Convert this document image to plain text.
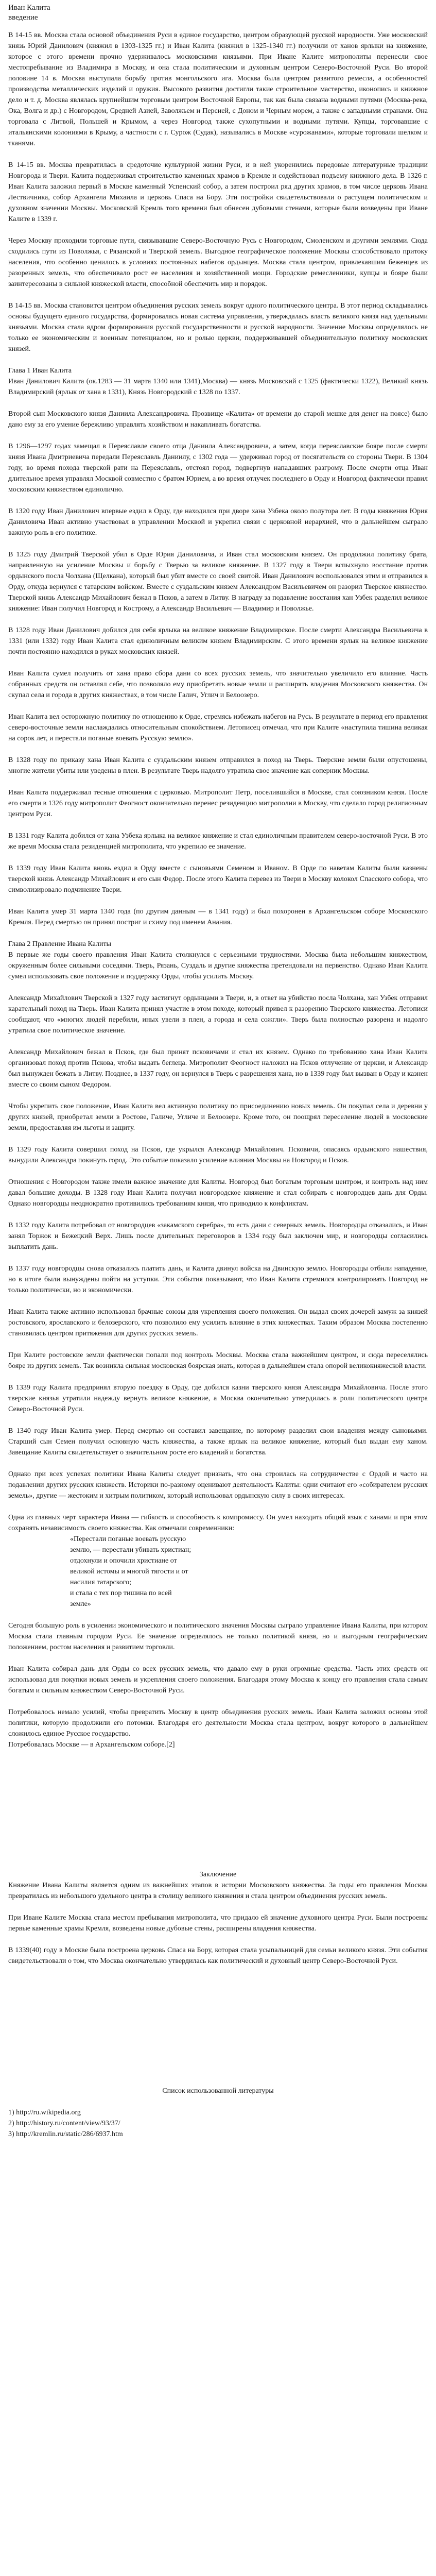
Иван Калита

введение

В 14-15 вв. Москва стала основой объединения Руси в единое государство, центром образующей русской народности. Уже московский князь Юрий Данилович (княжил в 1303-1325 гг.) и Иван Калита (княжил в 1325-1340 гг.) получили от ханов ярлыки на княжение, которое с этого времени прочно удерживалось московскими князьями. При Иване Калите митрополиты перенесли свое местопребывание из Владимира в Москву, и она стала политическим и духовным центром Северо-Восточной Руси. Во второй половине 14 в. Москва выступала борьбу против монгольского ига. Москва была центром развитого ремесла, а особенностей производства металлических изделий и оружия. Высокого развития достигли такие строительное мастерство, иконопись и книжное дело и т. д. Москва являлась крупнейшим торговым центром Восточной Европы, так как была связана водными путями (Москва-река, Ока, Волга и др.) с Новгородом, Средней Азией, Заволжьем и Персией, с Доном и Черным морем, а также с западными странами. Она торговала с Литвой, Польшей и Крымом, а через Новгород также сухопутными и водными путями. Купцы, торговавшие с итальянскими колониями в Крыму, а частности с г. Сурож (Судак), назывались в Москве «сурожанами», которые торговали шелком и тканями.

В 14-15 вв. Москва превратилась в средоточие культурной жизни Руси, и в ней укоренились передовые литературные традиции Новгорода и Твери. Калита поддерживал строительство каменных храмов в Кремле и содействовал подъему книжного дела. В 1326 г. Иван Калита заложил первый в Москве каменный Успенский собор, а затем построил ряд других храмов, в том числе церковь Ивана Лествичника, собор Архангела Михаила и церковь Спаса на Бору. Эти постройки свидетельствовали о растущем политическом и духовном значении Москвы. Московский Кремль того времени был обнесен дубовыми стенами, которые были возведены при Иване Калите в 1339 г.

Через Москву проходили торговые пути, связывавшие Северо-Восточную Русь с Новгородом, Смоленском и другими землями. Сюда сходились пути из Поволжья, с Рязанской и Тверской земель. Выгодное географическое положение Москвы способствовало притоку населения, что особенно ценилось в условиях постоянных набегов ордынцев. Москва стала центром, привлекавшим беженцев из разоренных земель, что обеспечивало рост ее населения и хозяйственной мощи. Городские ремесленники, купцы и бояре были заинтересованы в сильной княжеской власти, способной обеспечить мир и порядок.

В 14-15 вв. Москва становится центром объединения русских земель вокруг одного политического центра. В этот период складывались основы будущего единого государства, формировалась новая система управления, утверждалась власть великого князя над удельными князьями. Москва стала ядром формирования русской государственности и русской народности. Значение Москвы определялось не только ее экономическим и военным потенциалом, но и ролью церкви, поддерживавшей объединительную политику московских князей.

Глава 1 Иван Калита

Иван Данилович Калита (ок.1283 — 31 марта 1340 или 1341),Москва) — князь Московский с 1325 (фактически 1322), Великий князь Владимирский (ярлык от хана в 1331), Князь Новгородский с 1328 по 1337.

Второй сын Московского князя Даниила Александровича. Прозвище «Калита» от времени до старой мешке для денег на поясе) было дано ему за его умение бережливо управлять хозяйством и накапливать богатства.

В 1296—1297 годах замещал в Переяславле своего отца Даниила Александровича, а затем, когда переяславские бояре после смерти князя Ивана Дмитриевича передали Переяславль Даниилу, с 1302 года — удерживал город от посягательств со стороны Твери. В 1304 году, во время похода тверской рати на Переяславль, отстоял город, подвергнув нападавших разгрому. После смерти отца Иван длительное время управлял Москвой совместно с братом Юрием, а во время отлучек последнего в Орду и Новгород фактически правил московским княжеством единолично.

В 1320 году Иван Данилович впервые ездил в Орду, где находился при дворе хана Узбека около полутора лет. В годы княжения Юрия Даниловича Иван активно участвовал в управлении Москвой и укрепил связи с церковной иерархией, что в дальнейшем сыграло важную роль в его политике.

В 1325 году Дмитрий Тверской убил в Орде Юрия Даниловича, и Иван стал московским князем. Он продолжил политику брата, направленную на усиление Москвы и борьбу с Тверью за великое княжение. В 1327 году в Твери вспыхнуло восстание против ордынского посла Чолхана (Щелкана), который был убит вместе со своей свитой. Иван Данилович воспользовался этим и отправился в Орду, откуда вернулся с татарским войском. Вместе с суздальским князем Александром Васильевичем он разорил Тверское княжество. Тверской князь Александр Михайлович бежал в Псков, а затем в Литву. В награду за подавление восстания хан Узбек разделил великое княжение: Иван получил Новгород и Кострому, а Александр Васильевич — Владимир и Поволжье.

В 1328 году Иван Данилович добился для себя ярлыка на великое княжение Владимирское. После смерти Александра Васильевича в 1331 (или 1332) году Иван Калита стал единоличным великим князем Владимирским. С этого времени ярлык на великое княжение почти постоянно находился в руках московских князей.

Иван Калита сумел получить от хана право сбора дани со всех русских земель, что значительно увеличило его влияние. Часть собранных средств он оставлял себе, что позволяло ему приобретать новые земли и расширять владения Московского княжества. Он скупал села и города в других княжествах, в том числе Галич, Углич и Белоозеро.

Иван Калита вел осторожную политику по отношению к Орде, стремясь избежать набегов на Русь. В результате в период его правления северо-восточные земли наслаждались относительным спокойствием. Летописец отмечал, что при Калите «наступила тишина великая на сорок лет, и перестали поганые воевать Русскую землю».

В 1328 году по приказу хана Иван Калита с суздальским князем отправился в поход на Тверь. Тверские земли были опустошены, многие жители убиты или уведены в плен. В результате Тверь надолго утратила свое значение как соперник Москвы.

Иван Калита поддерживал тесные отношения с церковью. Митрополит Петр, поселившийся в Москве, стал союзником князя. После его смерти в 1326 году митрополит Феогност окончательно перенес резиденцию митрополии в Москву, что сделало город религиозным центром Руси.

В 1331 году Калита добился от хана Узбека ярлыка на великое княжение и стал единоличным правителем северо-восточной Руси. В это же время Москва стала резиденцией митрополита, что укрепило ее значение.

В 1339 году Иван Калита вновь ездил в Орду вместе с сыновьями Семеном и Иваном. В Орде по наветам Калиты были казнены тверской князь Александр Михайлович и его сын Федор. После этого Калита перевез из Твери в Москву колокол Спасского собора, что символизировало подчинение Твери.

Иван Калита умер 31 марта 1340 года (по другим данным — в 1341 году) и был похоронен в Архангельском соборе Московского Кремля. Перед смертью он принял постриг и схиму под именем Анания.

Глава 2 Правление Ивана Калиты

В первые же годы своего правления Иван Калита столкнулся с серьезными трудностями. Москва была небольшим княжеством, окруженным более сильными соседями. Тверь, Рязань, Суздаль и другие княжества претендовали на первенство. Однако Иван Калита сумел использовать свое положение и поддержку Орды, чтобы усилить Москву.

Александр Михайлович Тверской в 1327 году застигнут ордынцами в Твери, и, в ответ на убийство посла Чолхана, хан Узбек отправил карательный поход на Тверь. Иван Калита принял участие в этом походе, который привел к разорению Тверского княжества. Летописи сообщают, что «многих людей перебили, иных увели в плен, а города и села сожгли». Тверь была полностью разорена и надолго утратила свое политическое значение.

Александр Михайлович бежал в Псков, где был принят псковичами и стал их князем. Однако по требованию хана Иван Калита организовал поход против Пскова, чтобы выдать беглеца. Митрополит Феогност наложил на Псков отлучение от церкви, и Александр был вынужден бежать в Литву. Позднее, в 1337 году, он вернулся в Тверь с разрешения хана, но в 1339 году был вызван в Орду и казнен вместе со своим сыном Федором.

Чтобы укрепить свое положение, Иван Калита вел активную политику по присоединению новых земель. Он покупал села и деревни у других князей, приобретал земли в Ростове, Галиче, Угличе и Белоозере. Кроме того, он поощрял переселение людей в московские земли, предоставляя им льготы и защиту.

В 1329 году Калита совершил поход на Псков, где укрылся Александр Михайлович. Псковичи, опасаясь ордынского нашествия, вынудили Александра покинуть город. Это событие показало усиление влияния Москвы на Новгород и Псков.

Отношения с Новгородом также имели важное значение для Калиты. Новгород был богатым торговым центром, и контроль над ним давал большие доходы. В 1328 году Иван Калита получил новгородское княжение и стал собирать с новгородцев дань для Орды. Однако новгородцы неоднократно противились требованиям князя, что приводило к конфликтам.

В 1332 году Калита потребовал от новгородцев «закамского серебра», то есть дани с северных земель. Новгородцы отказались, и Иван занял Торжок и Бежецкий Верх. Лишь после длительных переговоров в 1334 году был заключен мир, и новгородцы согласились выплатить дань.

В 1337 году новгородцы снова отказались платить дань, и Калита двинул войска на Двинскую землю. Новгородцы отбили нападение, но в итоге были вынуждены пойти на уступки. Эти события показывают, что Иван Калита стремился контролировать Новгород не только политически, но и экономически.

Иван Калита также активно использовал брачные союзы для укрепления своего положения. Он выдал своих дочерей замуж за князей ростовского, ярославского и белозерского, что позволило ему усилить влияние в этих княжествах. Таким образом Москва постепенно становилась центром притяжения для других русских земель.

При Калите ростовские земли фактически попали под контроль Москвы. Москва стала важнейшим центром, и сюда переселялись бояре из других земель. Так возникла сильная московская боярская знать, которая в дальнейшем стала опорой великокняжеской власти.

В 1339 году Калита предпринял вторую поездку в Орду, где добился казни тверского князя Александра Михайловича. После этого тверские князья утратили надежду вернуть великое княжение, а Москва окончательно утвердилась в роли политического центра Северо-Восточной Руси.

В 1340 году Иван Калита умер. Перед смертью он составил завещание, по которому разделил свои владения между сыновьями. Старший сын Семен получил основную часть княжества, а также ярлык на великое княжение, который был выдан ему ханом. Завещание Калиты свидетельствует о значительном росте его владений и богатства.

Однако при всех успехах политики Ивана Калиты следует признать, что она строилась на сотрудничестве с Ордой и часто на подавлении других русских княжеств. Историки по-разному оценивают деятельность Калиты: одни считают его «собирателем русских земель», другие — жестоким и хитрым политиком, который использовал ордынскую силу в своих интересах.

Одна из главных черт характера Ивана — гибкость и способность к компромиссу. Он умел находить общий язык с ханами и при этом сохранять независимость своего княжества. Как отмечали современники:

«Перестали поганые воевать русскую
землю, — перестали убивать христиан;
отдохнули и опочили христиане от
великой истомы и многой тягости и от
насилия татарского;
и стала с тех пор тишина по всей
земле»

Сегодня большую роль в усилении экономического и политического значения Москвы сыграло управление Ивана Калиты, при котором Москва стала главным городом Руси. Ее значение определялось не только политикой князя, но и выгодным географическим положением, ростом населения и развитием торговли.

Иван Калита собирал дань для Орды со всех русских земель, что давало ему в руки огромные средства. Часть этих средств он использовал для покупки новых земель и укрепления своего положения. Благодаря этому Москва к концу его правления стала самым богатым и сильным княжеством Северо-Восточной Руси.

Потребовалось немало усилий, чтобы превратить Москву в центр объединения русских земель. Иван Калита заложил основы этой политики, которую продолжили его потомки. Благодаря его деятельности Москва стала центром, вокруг которого в дальнейшем сложилось единое Русское государство.

Потребовалась Москве — в Архангельском соборе.[2]

Заключение

Княжение Ивана Калиты является одним из важнейших этапов в истории Московского княжества. За годы его правления Москва превратилась из небольшого удельного центра в столицу великого княжения и стала центром объединения русских земель.

При Иване Калите Москва стала местом пребывания митрополита, что придало ей значение духовного центра Руси. Были построены первые каменные храмы Кремля, возведены новые дубовые стены, расширены владения княжества.

В 1339(40) году в Москве была построена церковь Спаса на Бору, которая стала усыпальницей для семьи великого князя. Эти события свидетельствовали о том, что Москва окончательно утвердилась как политический и духовный центр Северо-Восточной Руси.

Список использованной литературы

1) http://ru.wikipedia.org
2) http://history.ru/content/view/93/37/
3) http://kremlin.ru/static/286/6937.htm
